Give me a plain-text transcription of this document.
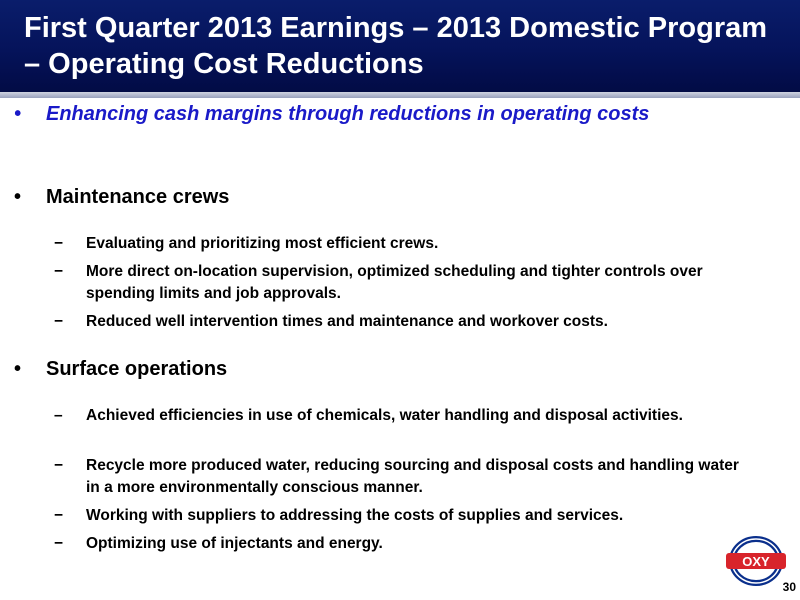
First Quarter 2013 Earnings – 2013 Domestic Program – Operating Cost Reductions
•	Enhancing cash margins through reductions in operating costs
•	Maintenance crews
−	Evaluating and prioritizing most efficient crews.
−	More direct on-location supervision, optimized scheduling and tighter controls over spending limits and job approvals.
−	Reduced well intervention times and maintenance and workover costs.
•	Surface operations
–	Achieved efficiencies in use of chemicals, water handling and disposal activities.
−	Recycle more produced water, reducing sourcing and disposal costs and handling water in a more environmentally conscious manner.
−	Working with suppliers to addressing the costs of supplies and services.
−	Optimizing use of injectants and energy.
OXY
30
